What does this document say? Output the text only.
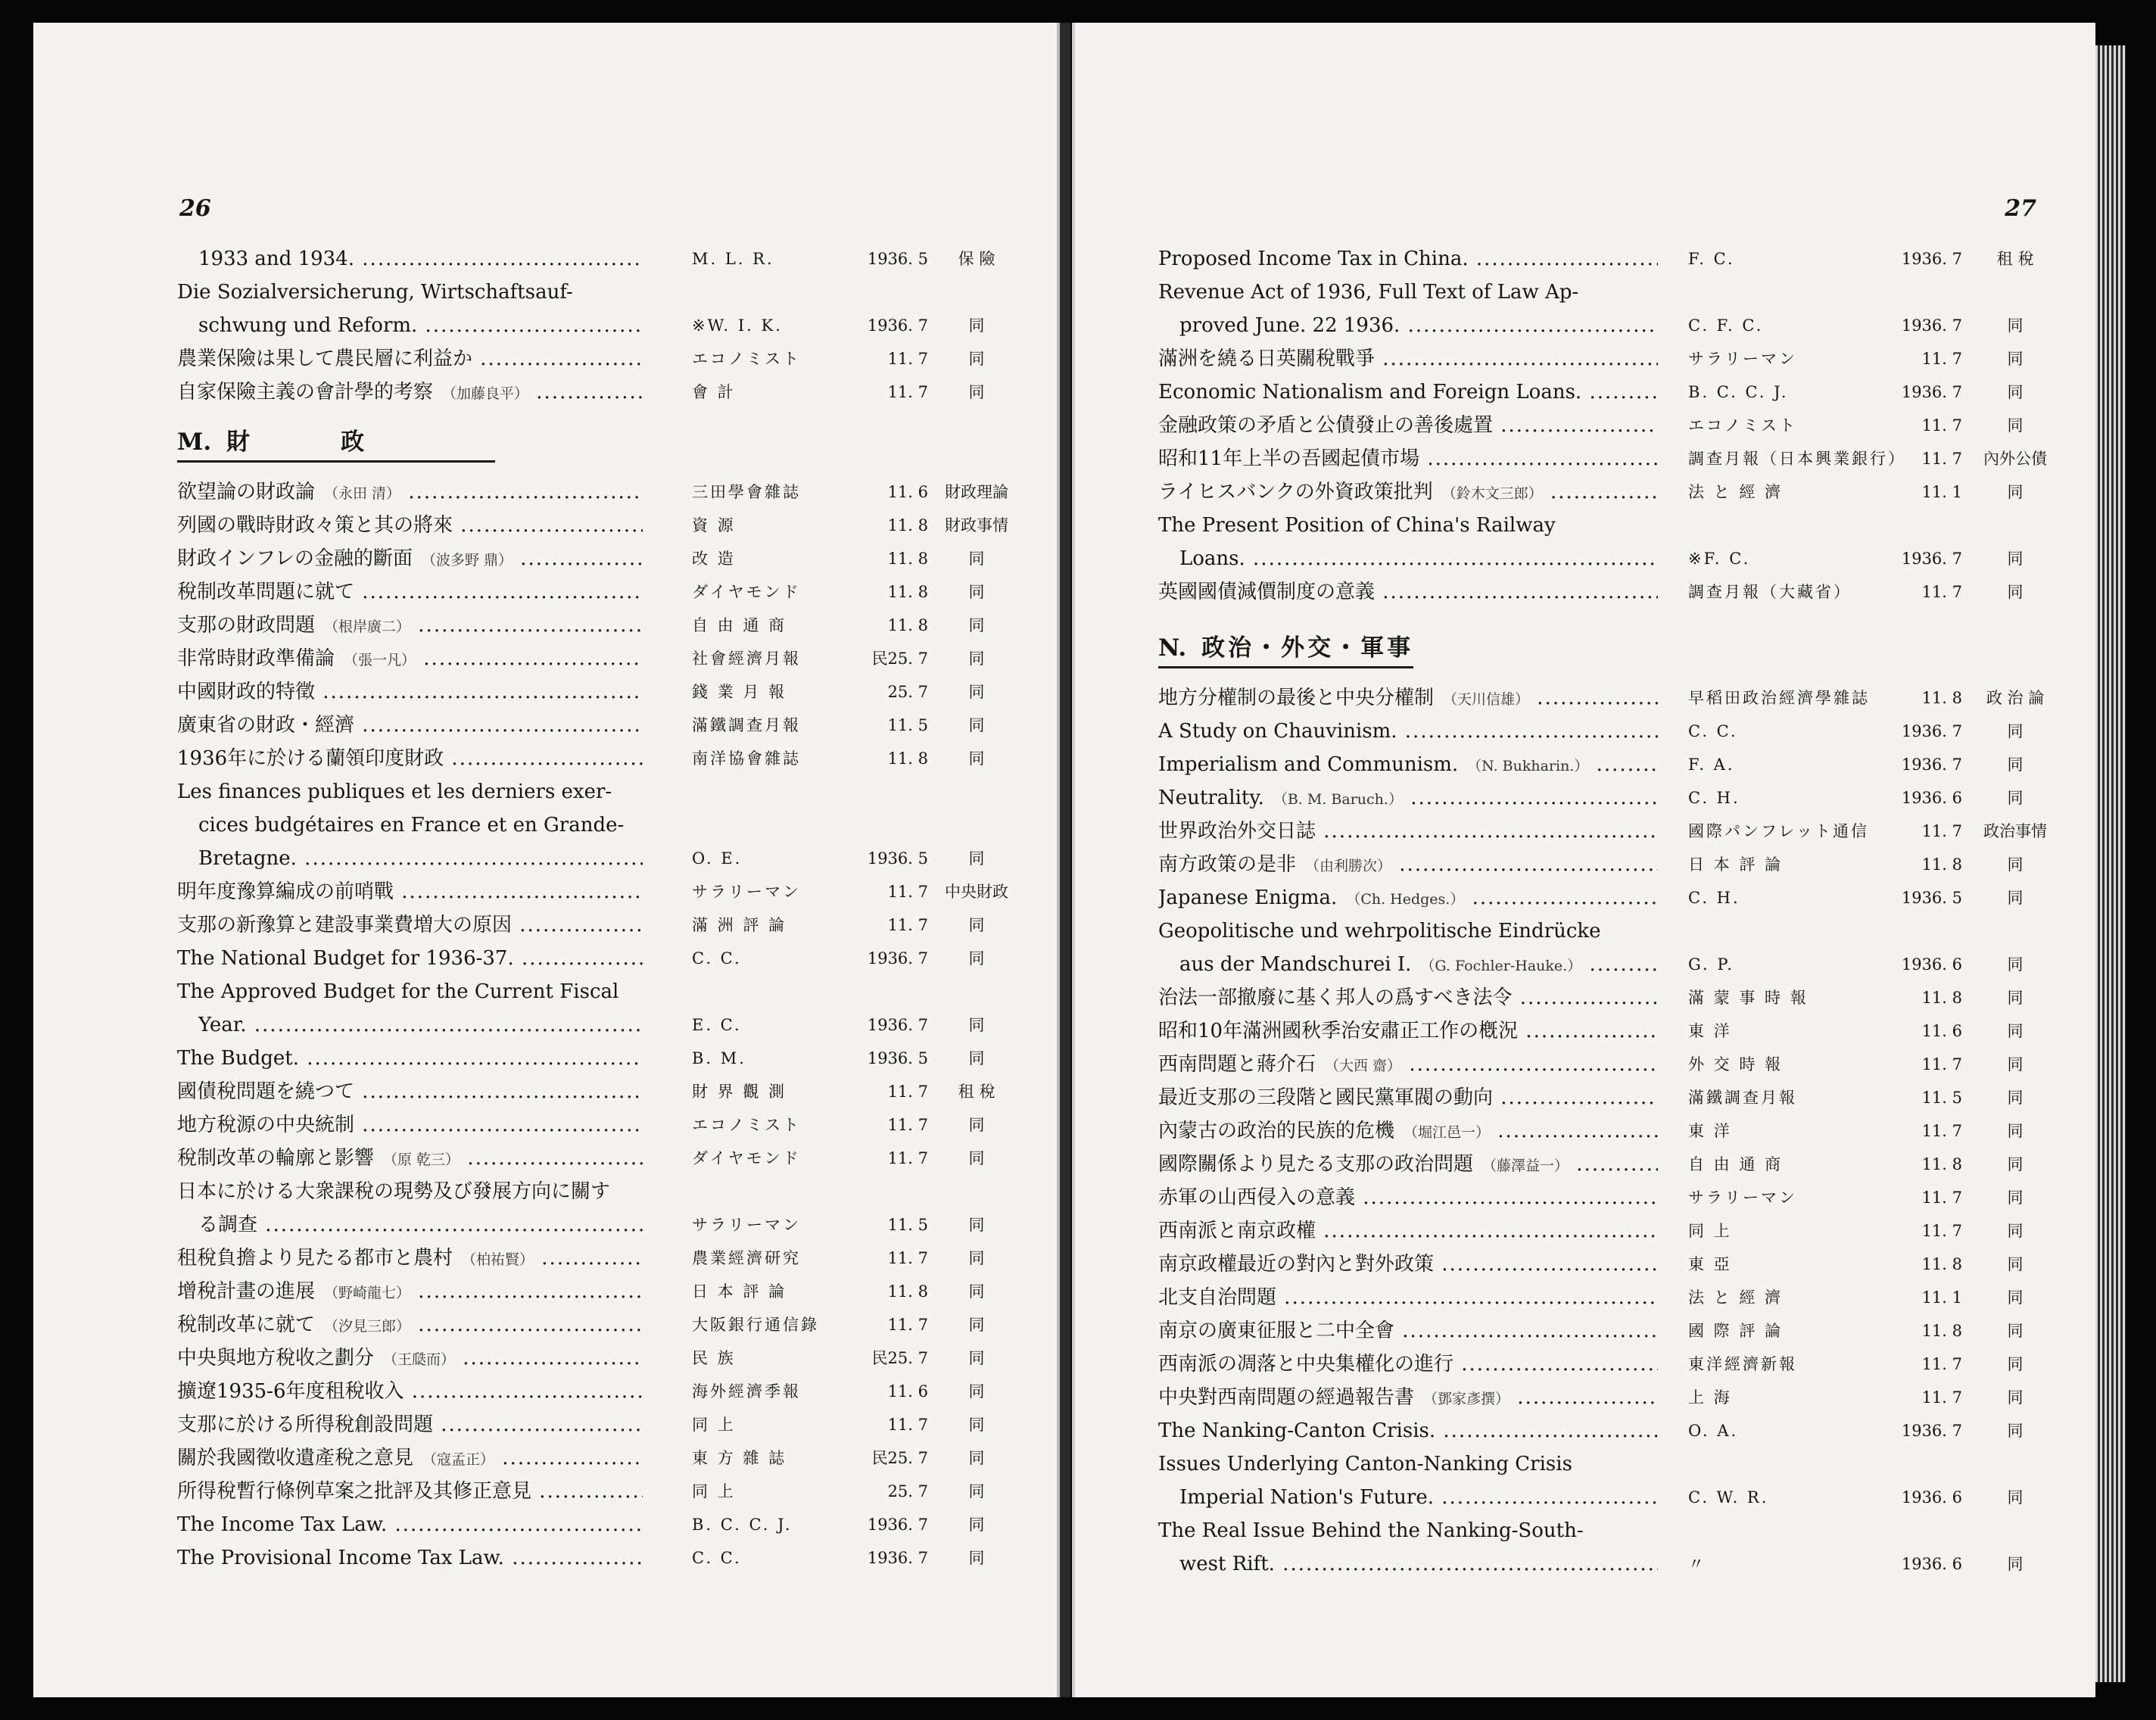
26
1933 and 1934. .....	M. L. R.	1936. 5	保 險
Die Sozialversicherung, Wirtschaftsauf-
schwung und Reform. .....	※W. I. K.	1936. 7	同
農業保險は果して農民層に利益か .....	エコノミスト	11. 7	同
自家保險主義の會計學的考察 （加藤良平） .....	會 計	11. 7	同
M. 財政
欲望論の財政論 （永田 清） .....	三田學會雜誌	11. 6	財政理論
列國の戰時財政々策と其の將來 .....	資 源	11. 8	財政事情
財政インフレの金融的斷面 （波多野 鼎） .....	改 造	11. 8	同
稅制改革問題に就て .....	ダイヤモンド	11. 8	同
支那の財政問題 （根岸廣二） .....	自 由 通 商	11. 8	同
非常時財政準備論 （張一凡） .....	社會經濟月報	民25. 7	同
中國財政的特徵 .....	錢 業 月 報	25. 7	同
廣東省の財政・經濟 .....	滿鐵調查月報	11. 5	同
1936年に於ける蘭領印度財政 .....	南洋協會雜誌	11. 8	同
Les finances publiques et les derniers exer-
cices budgétaires en France et en Grande-
Bretagne. .....	O. E.	1936. 5	同
明年度豫算編成の前哨戰 .....	サラリーマン	11. 7	中央財政
支那の新豫算と建設事業費増大の原因 .....	滿 洲 評 論	11. 7	同
The National Budget for 1936-37. .....	C. C.	1936. 7	同
The Approved Budget for the Current Fiscal
Year. .....	E. C.	1936. 7	同
The Budget. .....	B. M.	1936. 5	同
國債稅問題を繞つて .....	財 界 觀 測	11. 7	租 稅
地方稅源の中央統制 .....	エコノミスト	11. 7	同
稅制改革の輪廓と影響 （原 乾三） .....	ダイヤモンド	11. 7	同
日本に於ける大衆課稅の現勢及び發展方向に關す
る調查 .....	サラリーマン	11. 5	同
租稅負擔より見たる都市と農村 （柏祐賢） .....	農業經濟研究	11. 7	同
增稅計畫の進展 （野崎龍七） .....	日 本 評 論	11. 8	同
稅制改革に就て （汐見三郎） .....	大阪銀行通信錄	11. 7	同
中央與地方稅收之劃分 （王瓞而） .....	民 族	民25. 7	同
擴遼1935-6年度租稅收入 .....	海外經濟季報	11. 6	同
支那に於ける所得稅創設問題 .....	同 上	11. 7	同
關於我國徵收遺產稅之意見 （寇孟正） .....	東 方 雜 誌	民25. 7	同
所得稅暫行條例草案之批評及其修正意見 .....	同 上	25. 7	同
The Income Tax Law. .....	B. C. C. J.	1936. 7	同
The Provisional Income Tax Law. .....	C. C.	1936. 7	同
27
Proposed Income Tax in China. .....	F. C.	1936. 7	租 稅
Revenue Act of 1936, Full Text of Law Ap-
proved June. 22 1936. .....	C. F. C.	1936. 7	同
滿洲を繞る日英關稅戰爭 .....	サラリーマン	11. 7	同
Economic Nationalism and Foreign Loans. .....	B. C. C. J.	1936. 7	同
金融政策の矛盾と公債發止の善後處置 .....	エコノミスト	11. 7	同
昭和11年上半の吾國起債市場 .....	調查月報（日本興業銀行） 11. 7	內外公債
ライヒスバンクの外資政策批判 （鈴木文三郎） .....	法 と 經 濟	11. 1	同
The Present Position of China's Railway
Loans. .....	※F. C.	1936. 7	同
英國國債減價制度の意義 .....	調查月報（大藏省）	11. 7	同
N. 政治・外交・軍事
地方分權制の最後と中央分權制 （天川信雄） .....	早稻田政治經濟學雜誌	11. 8	政 治 論
A Study on Chauvinism. .....	C. C.	1936. 7	同
Imperialism and Communism. （N. Bukharin.） .....	F. A.	1936. 7	同
Neutrality. （B. M. Baruch.） .....	C. H.	1936. 6	同
世界政治外交日誌 .....	國際パンフレット通信	11. 7	政治事情
南方政策の是非 （由利勝次） .....	日 本 評 論	11. 8	同
Japanese Enigma. （Ch. Hedges.） .....	C. H.	1936. 5	同
Geopolitische und wehrpolitische Eindrücke
aus der Mandschurei I. （G. Fochler-Hauke.） .....	G. P.	1936. 6	同
治法一部撤廢に基く邦人の爲すべき法令 .....	滿 蒙 事 時 報	11. 8	同
昭和10年滿洲國秋季治安肅正工作の槪況 .....	東 洋	11. 6	同
西南問題と蔣介石 （大西 齋） .....	外 交 時 報	11. 7	同
最近支那の三段階と國民黨軍閥の動向 .....	滿鐵調查月報	11. 5	同
內蒙古の政治的民族的危機 （堀江邑一） .....	東 洋	11. 7	同
國際關係より見たる支那の政治問題 （藤澤益一） .....	自 由 通 商	11. 8	同
赤軍の山西侵入の意義 .....	サラリーマン	11. 7	同
西南派と南京政權 .....	同 上	11. 7	同
南京政權最近の對內と對外政策 .....	東 亞	11. 8	同
北支自治問題 .....	法 と 經 濟	11. 1	同
南京の廣東征服と二中全會 .....	國 際 評 論	11. 8	同
西南派の凋落と中央集權化の進行 .....	東洋經濟新報	11. 7	同
中央對西南問題の經過報告書 （鄧家彥撰） .....	上 海	11. 7	同
The Nanking-Canton Crisis. .....	O. A.	1936. 7	同
Issues Underlying Canton-Nanking Crisis
Imperial Nation's Future. .....	C. W. R.	1936. 6	同
The Real Issue Behind the Nanking-South-
west Rift. .....	〃	1936. 6	同
